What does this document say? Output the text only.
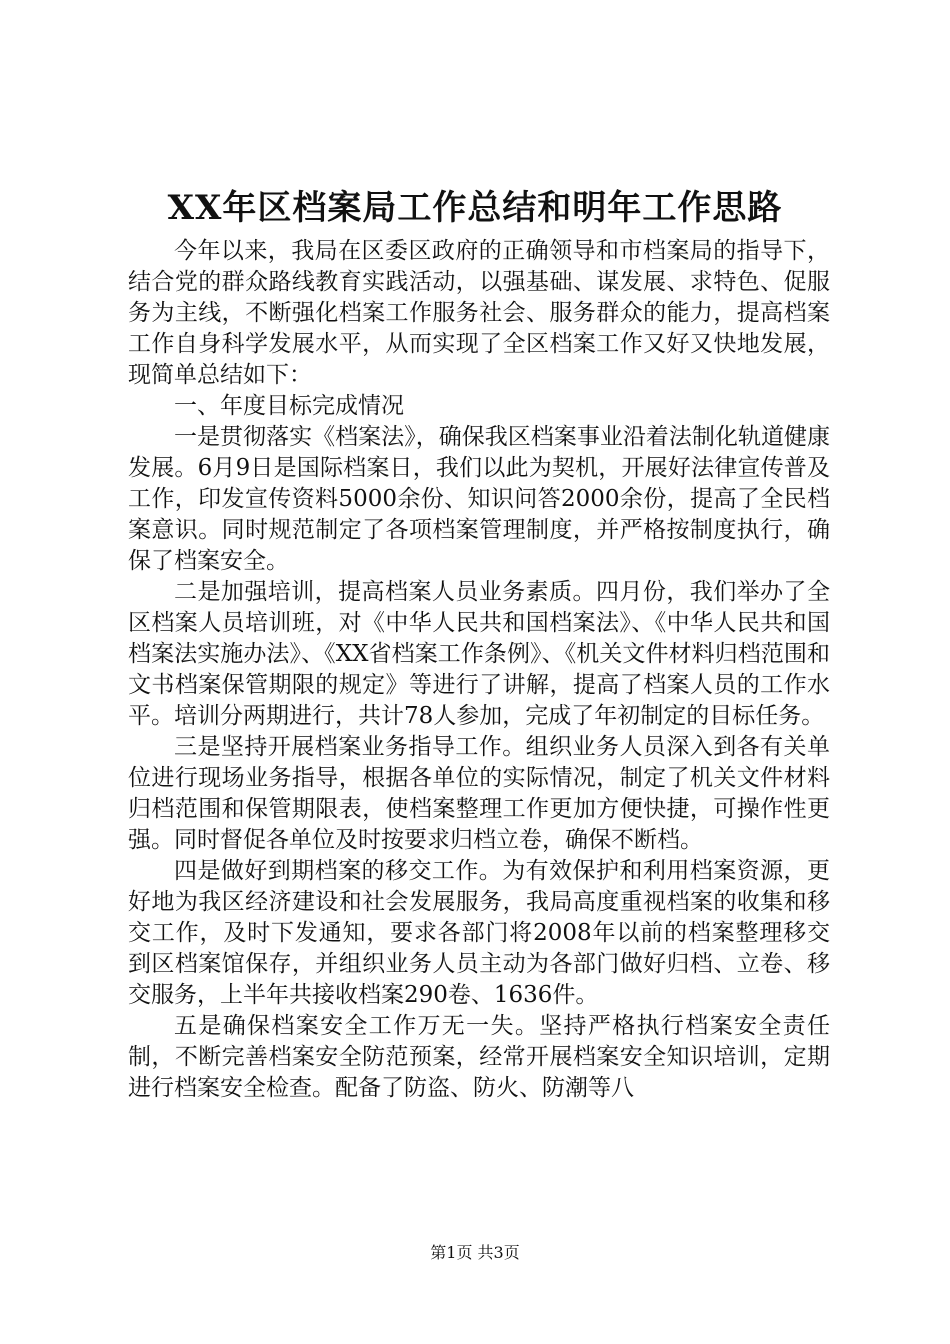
XX年区档案局工作总结和明年工作思路

今年以来，我局在区委区政府的正确领导和市档案局的指导下，结合党的群众路线教育实践活动，以强基础、谋发展、求特色、促服务为主线，不断强化档案工作服务社会、服务群众的能力，提高档案工作自身科学发展水平，从而实现了全区档案工作又好又快地发展，现简单总结如下：

一、年度目标完成情况

一是贯彻落实《档案法》，确保我区档案事业沿着法制化轨道健康发展。6月9日是国际档案日，我们以此为契机，开展好法律宣传普及工作，印发宣传资料5000余份、知识问答2000余份，提高了全民档案意识。同时规范制定了各项档案管理制度，并严格按制度执行，确保了档案安全。

二是加强培训，提高档案人员业务素质。四月份，我们举办了全区档案人员培训班，对《中华人民共和国档案法》、《中华人民共和国档案法实施办法》、《XX省档案工作条例》、《机关文件材料归档范围和文书档案保管期限的规定》等进行了讲解，提高了档案人员的工作水平。培训分两期进行，共计78人参加，完成了年初制定的目标任务。

三是坚持开展档案业务指导工作。组织业务人员深入到各有关单位进行现场业务指导，根据各单位的实际情况，制定了机关文件材料归档范围和保管期限表，使档案整理工作更加方便快捷，可操作性更强。同时督促各单位及时按要求归档立卷，确保不断档。

四是做好到期档案的移交工作。为有效保护和利用档案资源，更好地为我区经济建设和社会发展服务，我局高度重视档案的收集和移交工作，及时下发通知，要求各部门将2008年以前的档案整理移交到区档案馆保存，并组织业务人员主动为各部门做好归档、立卷、移交服务，上半年共接收档案290卷、1636件。

五是确保档案安全工作万无一失。坚持严格执行档案安全责任制，不断完善档案安全防范预案，经常开展档案安全知识培训，定期进行档案安全检查。配备了防盗、防火、防潮等八

第1页 共3页
